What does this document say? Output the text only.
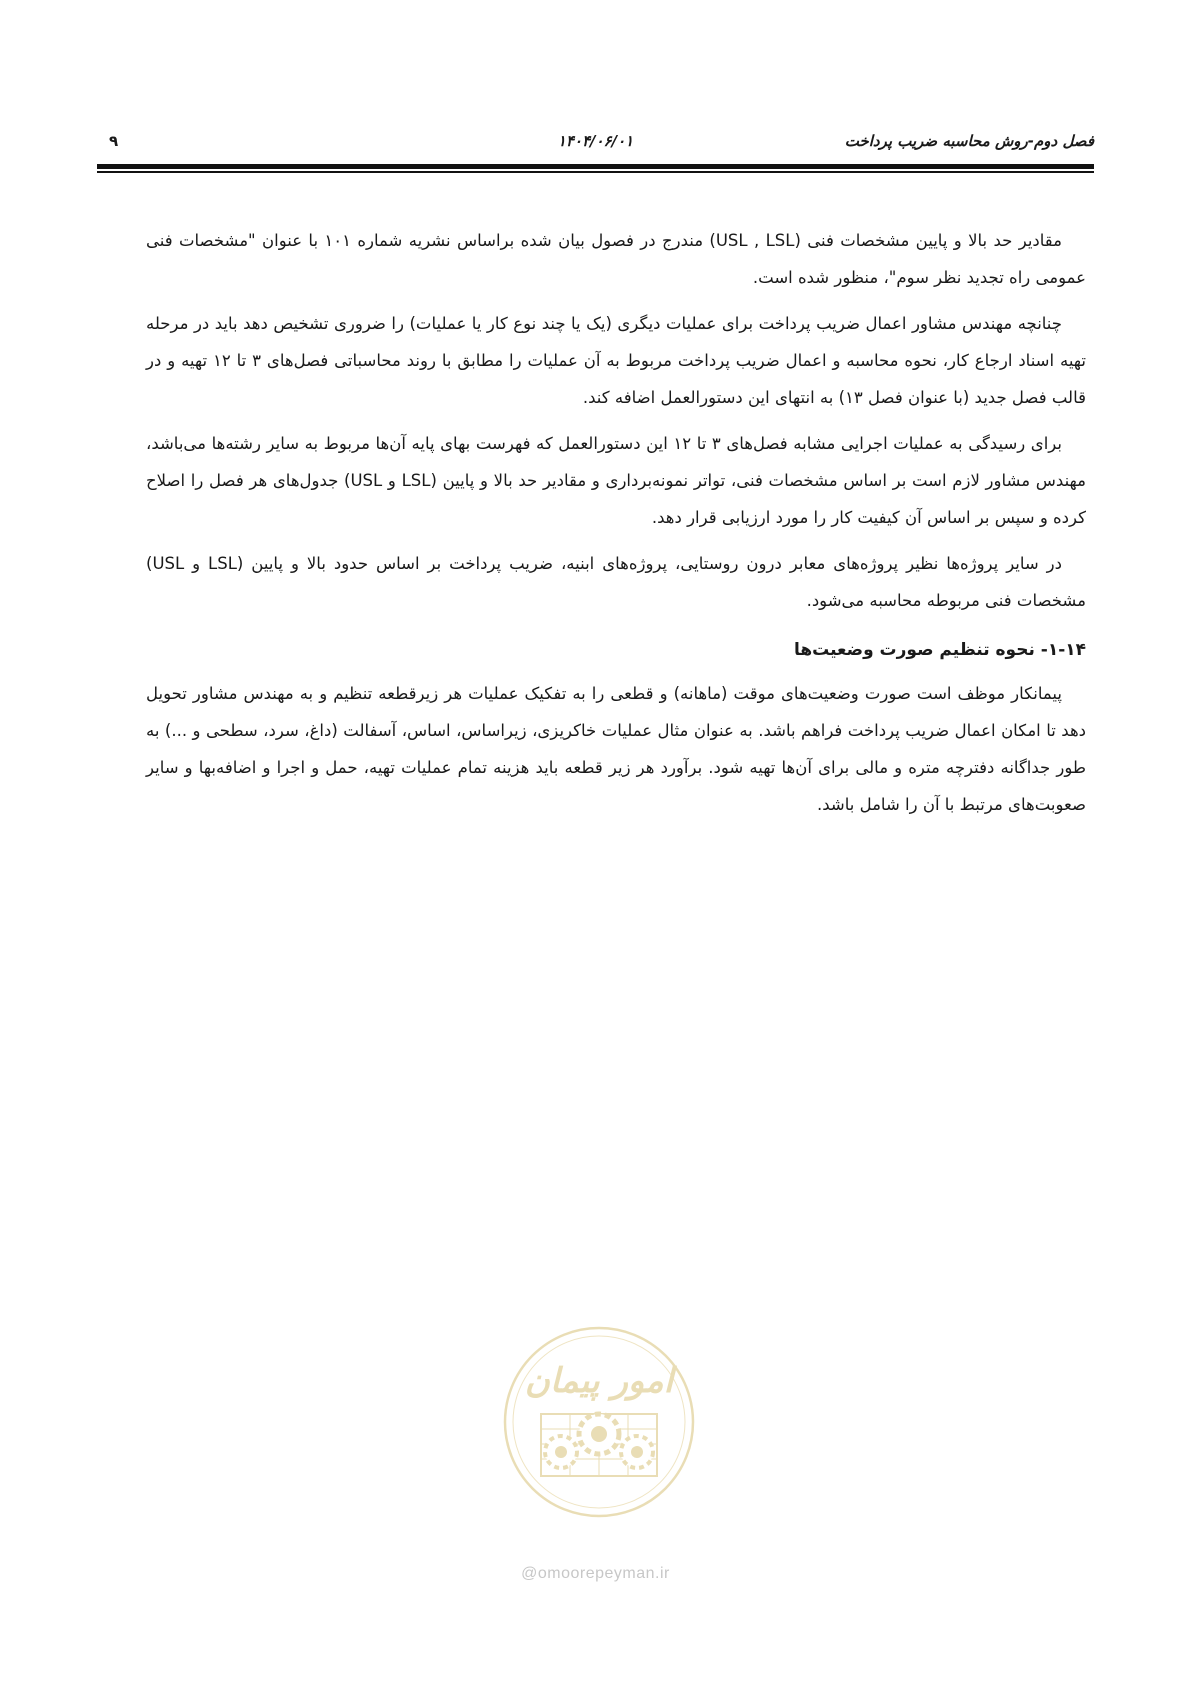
فصل دوم-روش محاسبه ضریب پرداخت
۱۴۰۴/۰۶/۰۱
۹

مقادیر حد بالا و پایین مشخصات فنی (USL , LSL) مندرج در فصول بیان شده براساس نشریه شماره ۱۰۱ با عنوان "مشخصات فنی عمومی راه تجدید نظر سوم"، منظور شده است.

چنانچه مهندس مشاور اعمال ضریب پرداخت برای عملیات دیگری (یک یا چند نوع کار یا عملیات) را ضروری تشخیص دهد باید در مرحله تهیه اسناد ارجاع کار، نحوه محاسبه و اعمال ضریب پرداخت مربوط به آن عملیات را مطابق با روند محاسباتی فصل‌های ۳ تا ۱۲ تهیه و در قالب فصل جدید (با عنوان فصل ۱۳) به انتهای این دستورالعمل اضافه کند.

برای رسیدگی به عملیات اجرایی مشابه فصل‌های ۳ تا ۱۲ این دستورالعمل که فهرست بهای پایه آن‌ها مربوط به سایر رشته‌ها می‌باشد، مهندس مشاور لازم است بر اساس مشخصات فنی، تواتر نمونه‌برداری و مقادیر حد بالا و پایین (LSL و USL) جدول‌های هر فصل را اصلاح کرده و سپس بر اساس آن کیفیت کار را مورد ارزیابی قرار دهد.

در سایر پروژه‌ها نظیر پروژه‌های معابر درون روستایی، پروژه‌های ابنیه، ضریب پرداخت بر اساس حدود بالا و پایین (LSL و USL) مشخصات فنی مربوطه محاسبه می‌شود.

۱-۱۴- نحوه تنظیم صورت وضعیت‌ها

پیمانکار موظف است صورت وضعیت‌های موقت (ماهانه) و قطعی را به تفکیک عملیات هر زیرقطعه تنظیم و به مهندس مشاور تحویل دهد تا امکان اعمال ضریب پرداخت فراهم باشد. به عنوان مثال عملیات خاکریزی، زیراساس، اساس، آسفالت (داغ، سرد، سطحی و ...) به طور جداگانه دفترچه متره و مالی برای آن‌ها تهیه شود. برآورد هر زیر قطعه باید هزینه تمام عملیات تهیه، حمل و اجرا و اضافه‌بها و سایر صعوبت‌های مرتبط با آن را شامل باشد.

امور پیمان
@omoorepeyman.ir
